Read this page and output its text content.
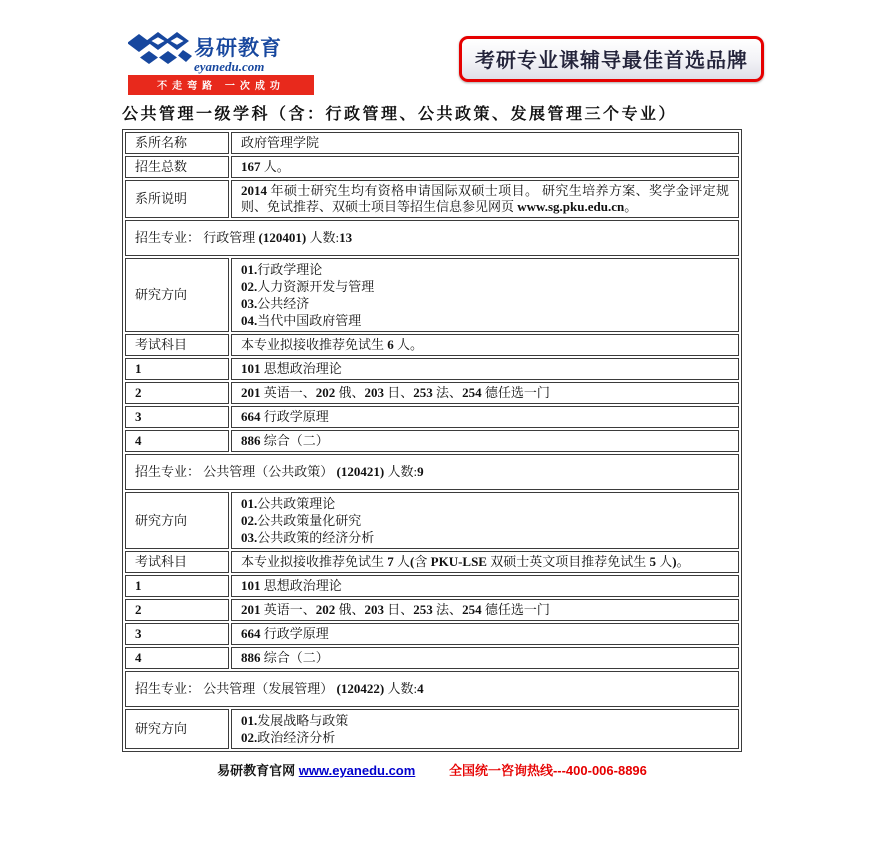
易研教育
eyanedu.com
不走弯路 一次成功
考研专业课辅导最佳首选品牌
公共管理一级学科（含：行政管理、公共政策、发展管理三个专业）
系所名称	政府管理学院
招生总数	167 人。
系所说明	2014 年硕士研究生均有资格申请国际双硕士项目。 研究生培养方案、奖学金评定规则、免试推荐、双硕士项目等招生信息参见网页 www.sg.pku.edu.cn。
招生专业： 行政管理 (120401) 人数:13	
研究方向	01.行政学理论
02.人力资源开发与管理
03.公共经济
04.当代中国政府管理

考试科目	本专业拟接收推荐免试生 6 人。
1	101 思想政治理论
2	201 英语一、202 俄、203 日、253 法、254 德任选一门
3	664 行政学原理
4	886 综合（二）
招生专业： 公共管理（公共政策） (120421) 人数:9	
研究方向	01.公共政策理论
02.公共政策量化研究
03.公共政策的经济分析

考试科目	本专业拟接收推荐免试生 7 人(含 PKU-LSE 双硕士英文项目推荐免试生 5 人)。
1	101 思想政治理论
2	201 英语一、202 俄、203 日、253 法、254 德任选一门
3	664 行政学原理
4	886 综合（二）
招生专业： 公共管理（发展管理） (120422) 人数:4	
研究方向	01.发展战略与政策
02.政治经济分析
易研教育官网 www.eyanedu.com	全国统一咨询热线---400-006-8896
